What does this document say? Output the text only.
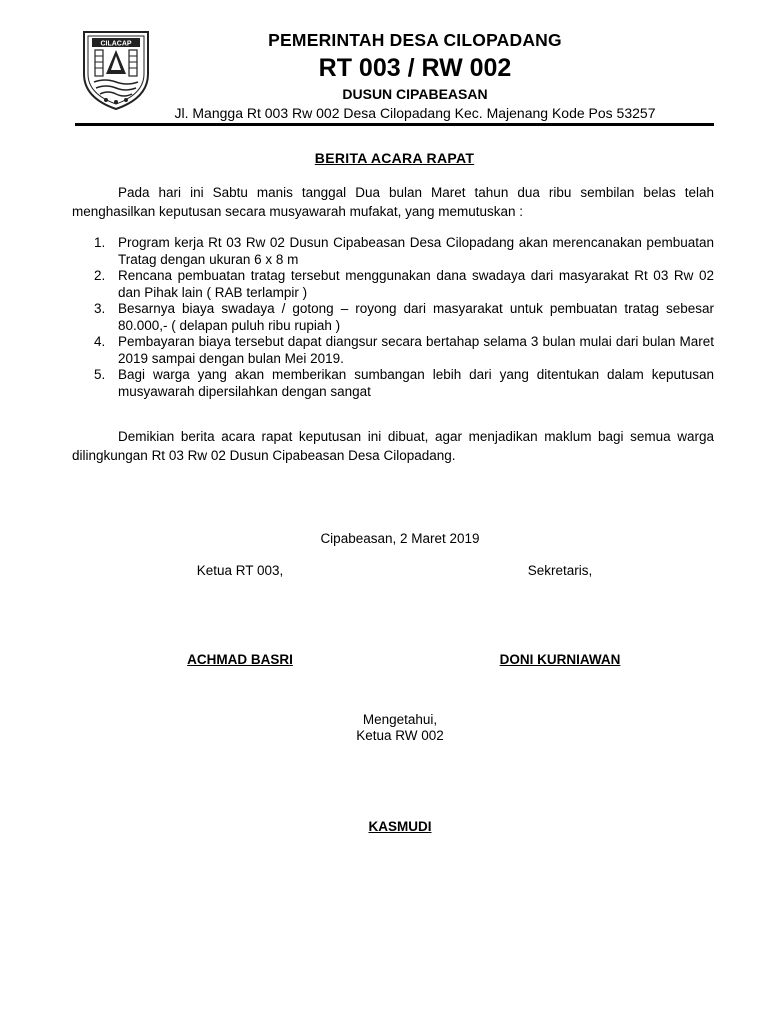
CILACAP	PEMERINTAH DESA CILOPADANG
RT 003 / RW 002
DUSUN CIPABEASAN
Jl. Mangga Rt 003 Rw 002 Desa Cilopadang Kec. Majenang Kode Pos 53257
BERITA ACARA RAPAT
Pada hari ini Sabtu manis tanggal Dua bulan Maret tahun dua ribu sembilan belas telah menghasilkan keputusan secara musyawarah mufakat, yang memutuskan :
1. Program kerja Rt 03 Rw 02 Dusun Cipabeasan Desa Cilopadang akan merencanakan pembuatan Tratag dengan ukuran 6 x 8 m
2. Rencana pembuatan tratag tersebut menggunakan dana swadaya dari masyarakat Rt 03 Rw 02 dan Pihak lain ( RAB terlampir )
3. Besarnya biaya swadaya / gotong – royong dari masyarakat untuk pembuatan tratag sebesar 80.000,- ( delapan puluh ribu rupiah )
4. Pembayaran biaya tersebut dapat diangsur secara bertahap selama 3 bulan mulai dari bulan Maret 2019 sampai dengan bulan Mei 2019.
5. Bagi warga yang akan memberikan sumbangan lebih dari yang ditentukan dalam keputusan musyawarah dipersilahkan dengan sangat
Demikian berita acara rapat keputusan ini dibuat, agar menjadikan maklum bagi semua warga dilingkungan Rt 03 Rw 02 Dusun Cipabeasan Desa Cilopadang.
Cipabeasan, 2 Maret 2019
Ketua RT 003,	Sekretaris,
ACHMAD BASRI	DONI KURNIAWAN
Mengetahui,
Ketua RW 002
KASMUDI
